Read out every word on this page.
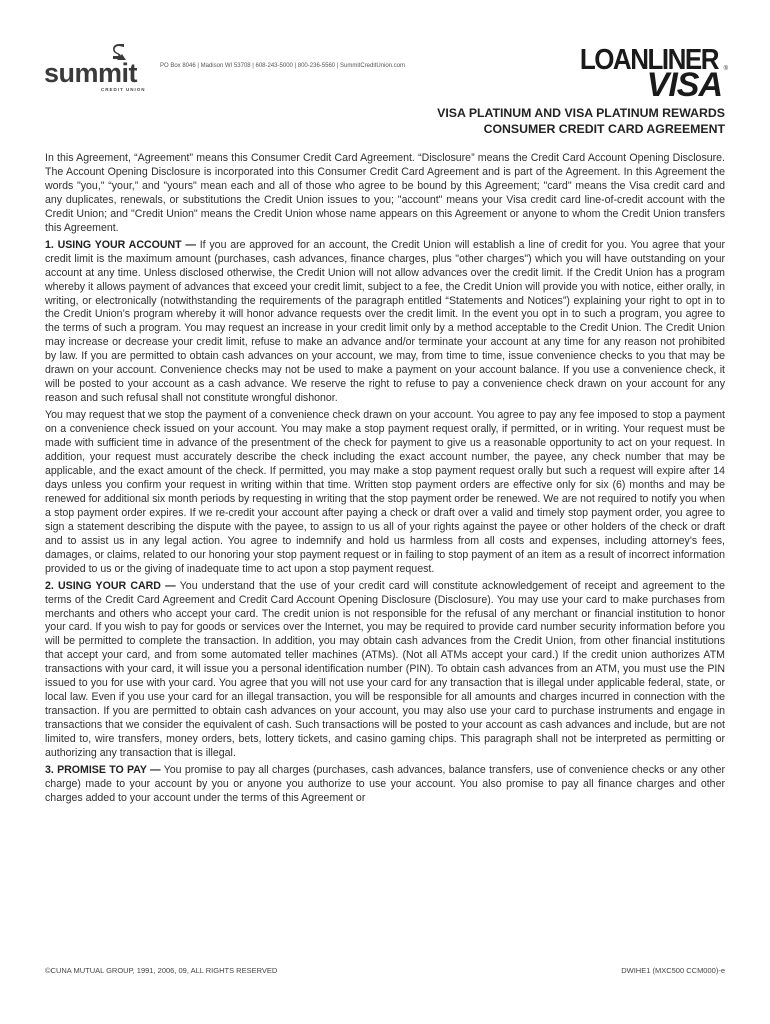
summit
CREDIT UNION
PO Box 8046 | Madison WI 53708 | 608-243-5000 | 800-236-5560 | SummitCreditUnion.com	LOANLINER ®
VISA
VISA PLATINUM AND VISA PLATINUM REWARDS
CONSUMER CREDIT CARD AGREEMENT

In this Agreement, “Agreement” means this Consumer Credit Card Agreement. “Disclosure” means the Credit Card Account Opening Disclosure. The Account Opening Disclosure is incorporated into this Consumer Credit Card Agreement and is part of the Agreement. In this Agreement the words "you," “your,” and "yours" mean each and all of those who agree to be bound by this Agreement; "card" means the Visa credit card and any duplicates, renewals, or substitutions the Credit Union issues to you; "account" means your Visa credit card line-of-credit account with the Credit Union; and "Credit Union" means the Credit Union whose name appears on this Agreement or anyone to whom the Credit Union transfers this Agreement.

1. USING YOUR ACCOUNT — If you are approved for an account, the Credit Union will establish a line of credit for you. You agree that your credit limit is the maximum amount (purchases, cash advances, finance charges, plus "other charges") which you will have outstanding on your account at any time. Unless disclosed otherwise, the Credit Union will not allow advances over the credit limit. If the Credit Union has a program whereby it allows payment of advances that exceed your credit limit, subject to a fee, the Credit Union will provide you with notice, either orally, in writing, or electronically (notwithstanding the requirements of the paragraph entitled “Statements and Notices”) explaining your right to opt in to the Credit Union’s program whereby it will honor advance requests over the credit limit. In the event you opt in to such a program, you agree to the terms of such a program. You may request an increase in your credit limit only by a method acceptable to the Credit Union. The Credit Union may increase or decrease your credit limit, refuse to make an advance and/or terminate your account at any time for any reason not prohibited by law. If you are permitted to obtain cash advances on your account, we may, from time to time, issue convenience checks to you that may be drawn on your account. Convenience checks may not be used to make a payment on your account balance. If you use a convenience check, it will be posted to your account as a cash advance. We reserve the right to refuse to pay a convenience check drawn on your account for any reason and such refusal shall not constitute wrongful dishonor.

You may request that we stop the payment of a convenience check drawn on your account. You agree to pay any fee imposed to stop a payment on a convenience check issued on your account. You may make a stop payment request orally, if permitted, or in writing. Your request must be made with sufficient time in advance of the presentment of the check for payment to give us a reasonable opportunity to act on your request. In addition, your request must accurately describe the check including the exact account number, the payee, any check number that may be applicable, and the exact amount of the check. If permitted, you may make a stop payment request orally but such a request will expire after 14 days unless you confirm your request in writing within that time. Written stop payment orders are effective only for six (6) months and may be renewed for additional six month periods by requesting in writing that the stop payment order be renewed. We are not required to notify you when a stop payment order expires. If we re-credit your account after paying a check or draft over a valid and timely stop payment order, you agree to sign a statement describing the dispute with the payee, to assign to us all of your rights against the payee or other holders of the check or draft and to assist us in any legal action. You agree to indemnify and hold us harmless from all costs and expenses, including attorney's fees, damages, or claims, related to our honoring your stop payment request or in failing to stop payment of an item as a result of incorrect information provided to us or the giving of inadequate time to act upon a stop payment request.

2. USING YOUR CARD — You understand that the use of your credit card will constitute acknowledgement of receipt and agreement to the terms of the Credit Card Agreement and Credit Card Account Opening Disclosure (Disclosure). You may use your card to make purchases from merchants and others who accept your card. The credit union is not responsible for the refusal of any merchant or financial institution to honor your card. If you wish to pay for goods or services over the Internet, you may be required to provide card number security information before you will be permitted to complete the transaction. In addition, you may obtain cash advances from the Credit Union, from other financial institutions that accept your card, and from some automated teller machines (ATMs). (Not all ATMs accept your card.) If the credit union authorizes ATM transactions with your card, it will issue you a personal identification number (PIN). To obtain cash advances from an ATM, you must use the PIN issued to you for use with your card. You agree that you will not use your card for any transaction that is illegal under applicable federal, state, or local law. Even if you use your card for an illegal transaction, you will be responsible for all amounts and charges incurred in connection with the transaction. If you are permitted to obtain cash advances on your account, you may also use your card to purchase instruments and engage in transactions that we consider the equivalent of cash. Such transactions will be posted to your account as cash advances and include, but are not limited to, wire transfers, money orders, bets, lottery tickets, and casino gaming chips. This paragraph shall not be interpreted as permitting or authorizing any transaction that is illegal.

3. PROMISE TO PAY — You promise to pay all charges (purchases, cash advances, balance transfers, use of convenience checks or any other charge) made to your account by you or anyone you authorize to use your account. You also promise to pay all finance charges and other charges added to your account under the terms of this Agreement or

©CUNA MUTUAL GROUP, 1991, 2006, 09, ALL RIGHTS RESERVED	DWIHE1 (MXC500 CCM000)-e
